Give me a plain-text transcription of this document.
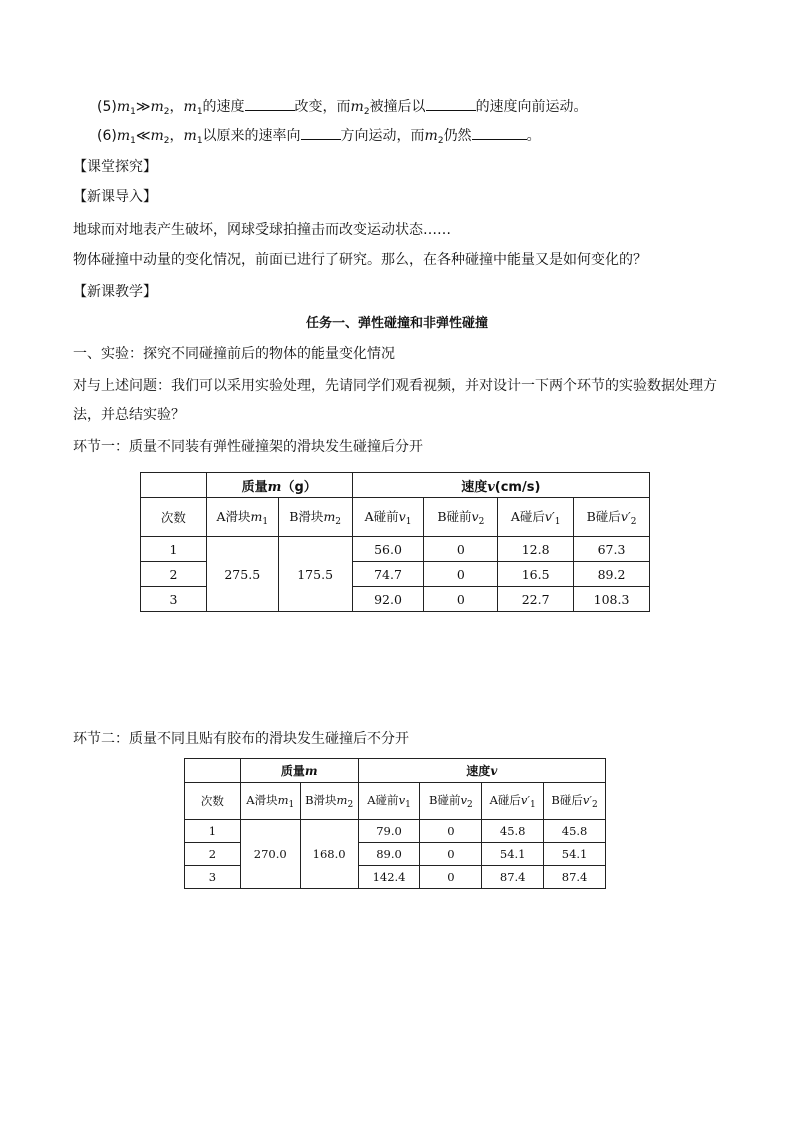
$(5)m_1≫m_2$，$m_1$的速度	改变，而$m_2$被撞后以	的速度向前运动。
$(6)m_1≪m_2$，$m_1$以原来的速率向	方向运动，而$m_2$仍然	。
【课堂探究】
【新课导入】
地球而对地表产生破坏，网球受球拍撞击而改变运动状态……
物体碰撞中动量的变化情况，前面已进行了研究。那么，在各种碰撞中能量又是如何变化的？
【新课教学】
任务一、弹性碰撞和非弹性碰撞
一、实验：探究不同碰撞前后的物体的能量变化情况
对与上述问题：我们可以采用实验处理，先请同学们观看视频，并对设计一下两个环节的实验数据处理方
法，并总结实验？
环节一：质量不同装有弹性碰撞架的滑块发生碰撞后分开
	质量m（g）		速度v(cm/s)			
次数	A滑块$m_1$	B滑块$m_2$	A碰前$v_1$	B碰前$v_2$	A碰后$v'_1$	B碰后$v'_2$
1	275.5	175.5	56.0	0	12.8	67.3
2			74.7	0	16.5	89.2
3			92.0	0	22.7	108.3
环节二：质量不同且贴有胶布的滑块发生碰撞后不分开
	质量m		速度v			
次数	A滑块$m_1$	B滑块$m_2$	A碰前$v_1$	B碰前$v_2$	A碰后$v'_1$	B碰后$v'_2$
1	270.0	168.0	79.0	0	45.8	45.8
2			89.0	0	54.1	54.1
3			142.4	0	87.4	87.4
